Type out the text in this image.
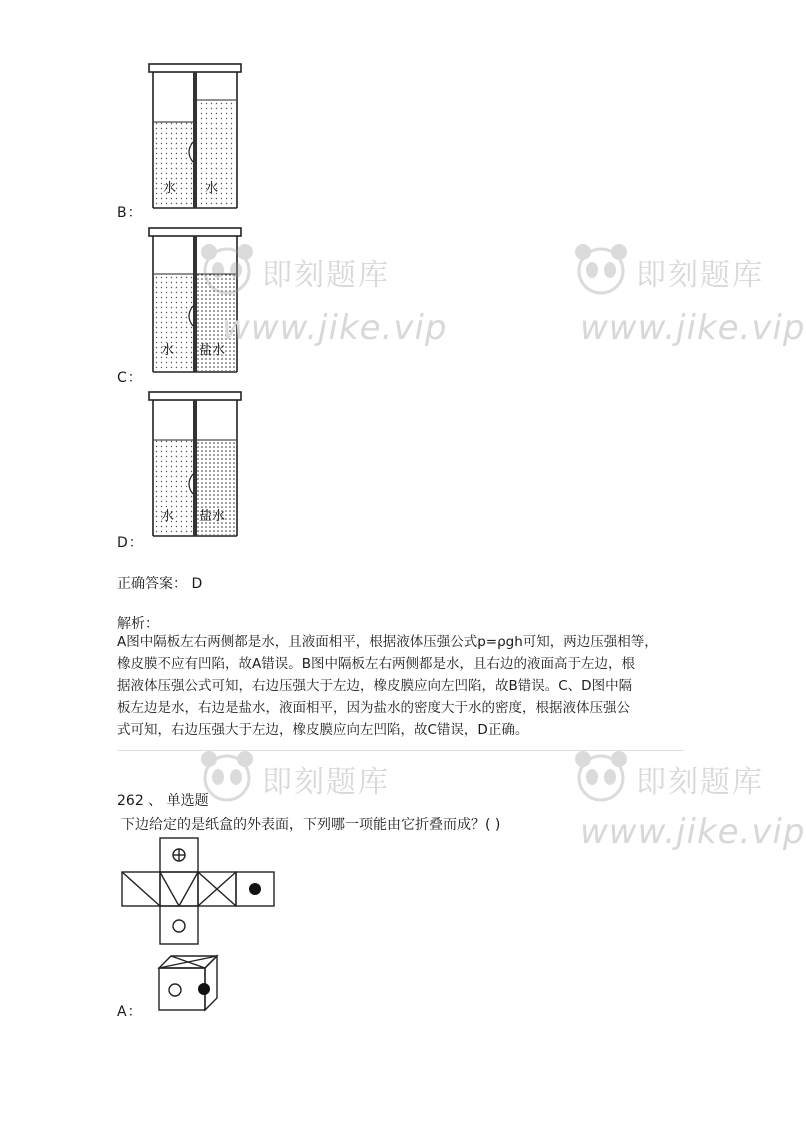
水 水
B：
水 盐水
C：
水 盐水
D：
正确答案： D
解析：
A图中隔板左右两侧都是水，且液面相平，根据液体压强公式p=ρgh可知，两边压强相等，
橡皮膜不应有凹陷，故A错误。B图中隔板左右两侧都是水，且右边的液面高于左边，根
据液体压强公式可知，右边压强大于左边，橡皮膜应向左凹陷，故B错误。C、D图中隔
板左边是水，右边是盐水，液面相平，因为盐水的密度大于水的密度，根据液体压强公
式可知，右边压强大于左边，橡皮膜应向左凹陷，故C错误，D正确。
262 、 单选题
下边给定的是纸盒的外表面，下列哪一项能由它折叠而成？( )
A：
即刻题库
www.jike.vip
即刻题库
www.jike.vip
即刻题库	即刻题库
www.jike.vip
